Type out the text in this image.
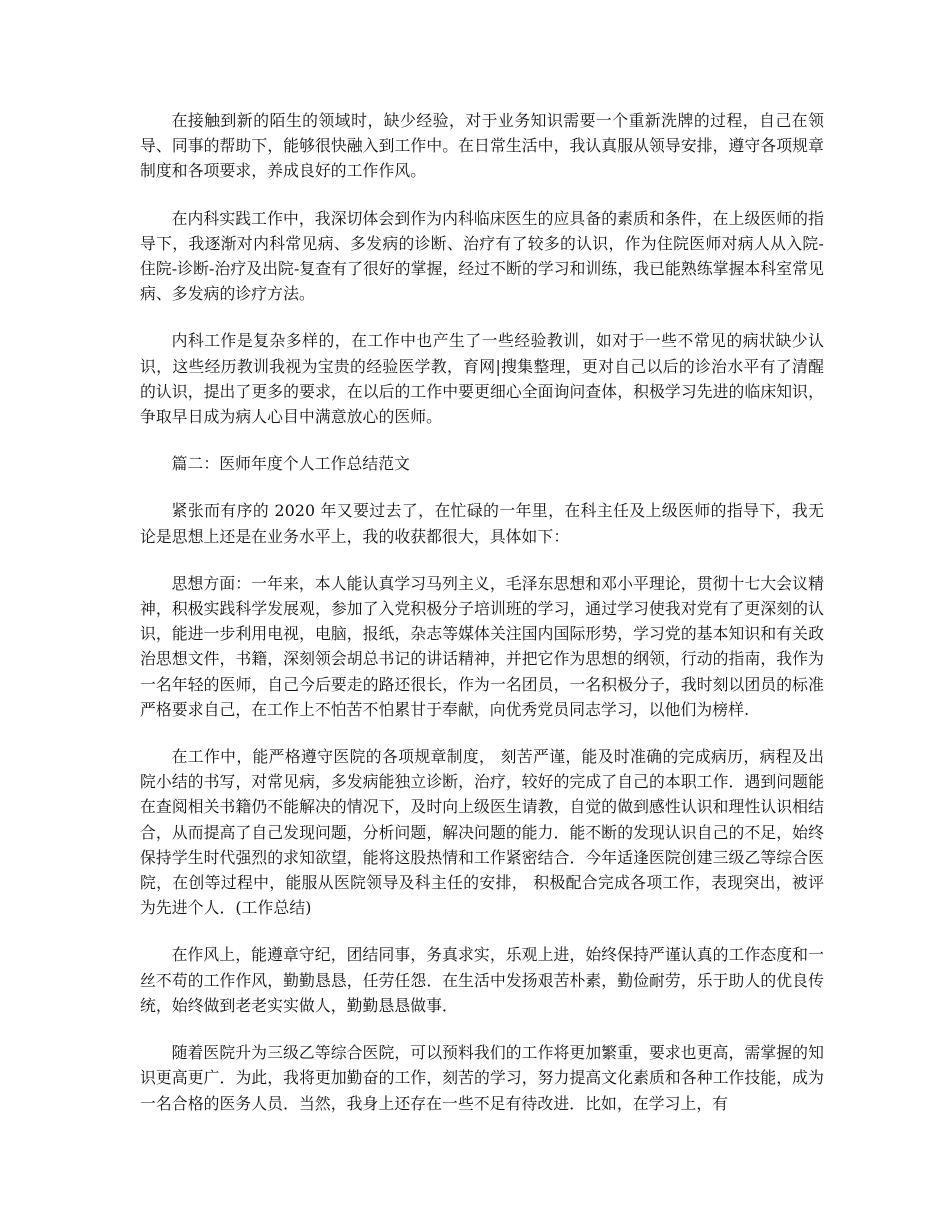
在接触到新的陌生的领域时，缺少经验，对于业务知识需要一个重新洗牌的过程，自己在领导、同事的帮助下，能够很快融入到工作中。在日常生活中，我认真服从领导安排，遵守各项规章制度和各项要求，养成良好的工作作风。

在内科实践工作中，我深切体会到作为内科临床医生的应具备的素质和条件，在上级医师的指导下，我逐渐对内科常见病、多发病的诊断、治疗有了较多的认识，作为住院医师对病人从入院-住院-诊断-治疗及出院-复查有了很好的掌握，经过不断的学习和训练，我已能熟练掌握本科室常见病、多发病的诊疗方法。

内科工作是复杂多样的，在工作中也产生了一些经验教训，如对于一些不常见的病状缺少认识，这些经历教训我视为宝贵的经验医学教，育网|搜集整理，更对自己以后的诊治水平有了清醒的认识，提出了更多的要求，在以后的工作中要更细心全面询问查体，积极学习先进的临床知识，争取早日成为病人心目中满意放心的医师。

篇二：医师年度个人工作总结范文

紧张而有序的 2020 年又要过去了，在忙碌的一年里，在科主任及上级医师的指导下，我无论是思想上还是在业务水平上，我的收获都很大，具体如下：

思想方面：一年来，本人能认真学习马列主义，毛泽东思想和邓小平理论，贯彻十七大会议精神，积极实践科学发展观，参加了入党积极分子培训班的学习，通过学习使我对党有了更深刻的认识，能进一步利用电视，电脑，报纸，杂志等媒体关注国内国际形势，学习党的基本知识和有关政治思想文件，书籍，深刻领会胡总书记的讲话精神，并把它作为思想的纲领，行动的指南，我作为一名年轻的医师，自己今后要走的路还很长，作为一名团员，一名积极分子，我时刻以团员的标准严格要求自己，在工作上不怕苦不怕累甘于奉献，向优秀党员同志学习，以他们为榜样.

在工作中，能严格遵守医院的各项规章制度， 刻苦严谨，能及时准确的完成病历，病程及出院小结的书写，对常见病，多发病能独立诊断，治疗，较好的完成了自己的本职工作．遇到问题能在查阅相关书籍仍不能解决的情况下，及时向上级医生请教，自觉的做到感性认识和理性认识相结合，从而提高了自己发现问题，分析问题，解决问题的能力．能不断的发现认识自己的不足，始终保持学生时代强烈的求知欲望，能将这股热情和工作紧密结合．今年适逢医院创建三级乙等综合医院，在创等过程中，能服从医院领导及科主任的安排， 积极配合完成各项工作，表现突出，被评为先进个人．(工作总结)

在作风上，能遵章守纪，团结同事，务真求实，乐观上进，始终保持严谨认真的工作态度和一丝不苟的工作作风，勤勤恳恳，任劳任怨．在生活中发扬艰苦朴素，勤俭耐劳，乐于助人的优良传统，始终做到老老实实做人，勤勤恳恳做事．

随着医院升为三级乙等综合医院，可以预料我们的工作将更加繁重，要求也更高，需掌握的知识更高更广．为此，我将更加勤奋的工作，刻苦的学习，努力提高文化素质和各种工作技能，成为一名合格的医务人员．当然，我身上还存在一些不足有待改进．比如，在学习上，有
